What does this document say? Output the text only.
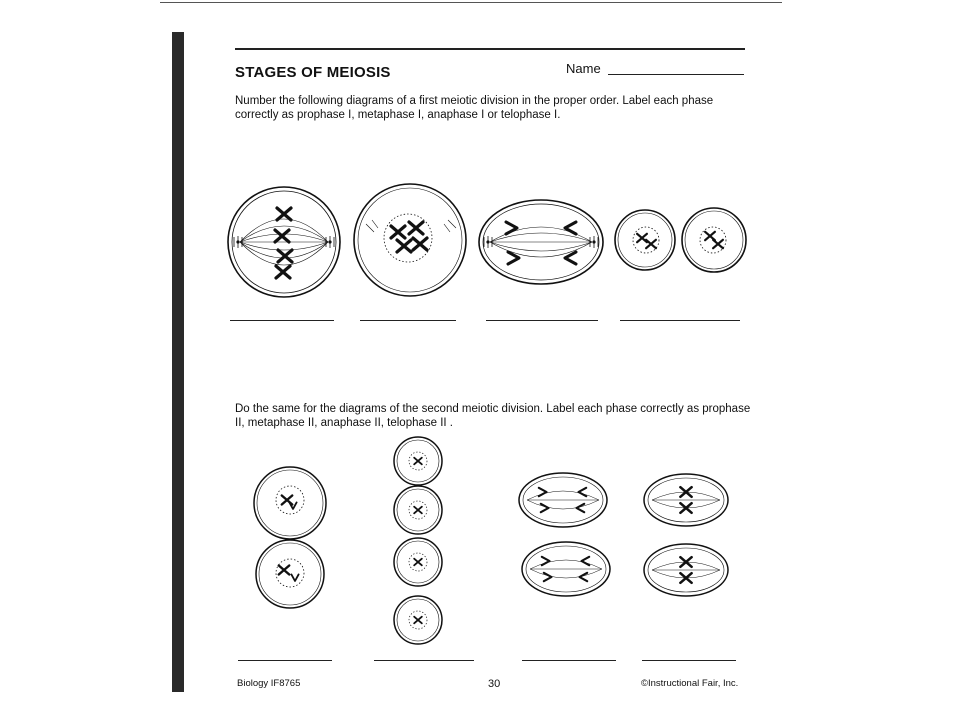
STAGES OF MEIOSIS	Name

Number the following diagrams of a first meiotic division in the proper order. Label each phase correctly as prophase I, metaphase I, anaphase I or telophase I.

Do the same for the diagrams of the second meiotic division. Label each phase correctly as prophase II, metaphase II, anaphase II, telophase II .

Biology IF8765	30	©Instructional Fair, Inc.
